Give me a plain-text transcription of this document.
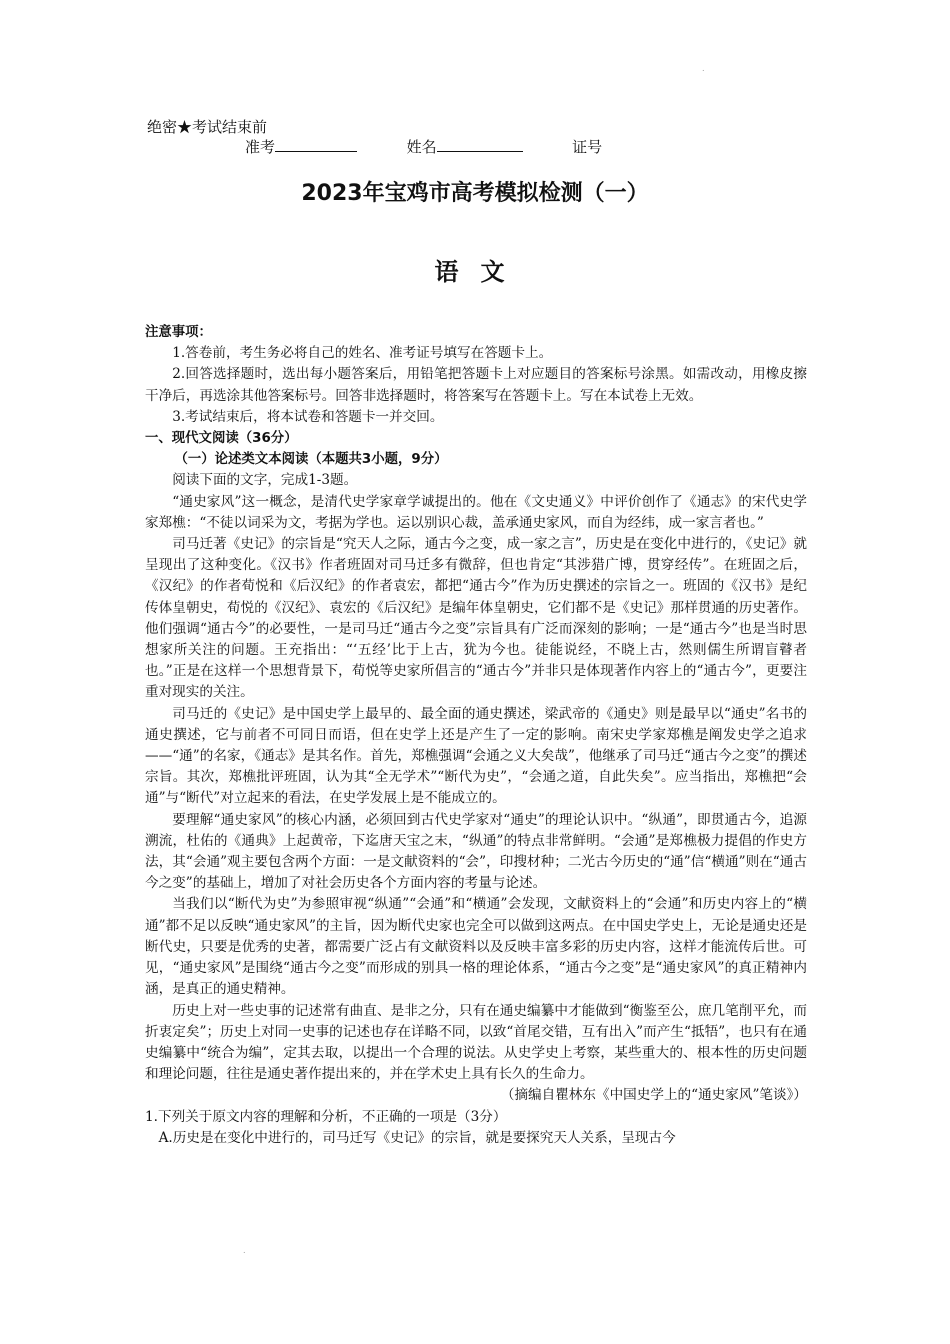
.
绝密★考试结束前
准考	姓名	证号
2023年宝鸡市高考模拟检测（一）
语文

注意事项：

1.答卷前，考生务必将自己的姓名、准考证号填写在答题卡上。

2.回答选择题时，选出每小题答案后，用铅笔把答题卡上对应题目的答案标号涂黑。如需改动，用橡皮擦干净后，再选涂其他答案标号。回答非选择题时，将答案写在答题卡上。写在本试卷上无效。

3.考试结束后，将本试卷和答题卡一并交回。

一、现代文阅读（36分）

（一）论述类文本阅读（本题共3小题，9分）

阅读下面的文字，完成1-3题。

“通史家风”这一概念，是清代史学家章学诚提出的。他在《文史通义》中评价创作了《通志》的宋代史学家郑樵：“不徒以词采为文，考据为学也。运以别识心裁，盖承通史家风，而自为经纬，成一家言者也。”

司马迁著《史记》的宗旨是“究天人之际，通古今之变，成一家之言”，历史是在变化中进行的，《史记》就呈现出了这种变化。《汉书》作者班固对司马迁多有微辞，但也肯定“其涉猎广博，贯穿经传”。在班固之后，《汉纪》的作者荀悦和《后汉纪》的作者袁宏，都把“通古今”作为历史撰述的宗旨之一。班固的《汉书》是纪传体皇朝史，荀悦的《汉纪》、袁宏的《后汉纪》是编年体皇朝史，它们都不是《史记》那样贯通的历史著作。他们强调“通古今”的必要性，一是司马迁“通古今之变”宗旨具有广泛而深刻的影响；一是“通古今”也是当时思想家所关注的问题。王充指出：“‘五经’比于上古，犹为今也。徒能说经，不晓上古，然则儒生所谓盲瞽者也。”正是在这样一个思想背景下，荀悦等史家所倡言的“通古今”并非只是体现著作内容上的“通古今”，更要注重对现实的关注。

司马迁的《史记》是中国史学上最早的、最全面的通史撰述，梁武帝的《通史》则是最早以“通史”名书的通史撰述，它与前者不可同日而语，但在史学上还是产生了一定的影响。南宋史学家郑樵是阐发史学之追求——“通”的名家，《通志》是其名作。首先，郑樵强调“会通之义大矣哉”，他继承了司马迁“通古今之变”的撰述宗旨。其次，郑樵批评班固，认为其“全无学术”“断代为史”，“会通之道，自此失矣”。应当指出，郑樵把“会通”与“断代”对立起来的看法，在史学发展上是不能成立的。

要理解“通史家风”的核心内涵，必须回到古代史学家对“通史”的理论认识中。“纵通”，即贯通古今，追源溯流，杜佑的《通典》上起黄帝，下迄唐天宝之末，“纵通”的特点非常鲜明。“会通”是郑樵极力提倡的作史方法，其“会通”观主要包含两个方面：一是文献资料的“会”，印搜材种；二光古今历史的“通”信“横通”则在“通古今之变”的基础上，增加了对社会历史各个方面内容的考量与论述。

当我们以“断代为史”为参照审视“纵通”“会通”和“横通”会发现，文献资料上的“会通”和历史内容上的“横通”都不足以反映“通史家风”的主旨，因为断代史家也完全可以做到这两点。在中国史学史上，无论是通史还是断代史，只要是优秀的史著，都需要广泛占有文献资料以及反映丰富多彩的历史内容，这样才能流传后世。可见，“通史家风”是围绕“通古今之变”而形成的别具一格的理论体系，“通古今之变”是“通史家风”的真正精神内涵，是真正的通史精神。

历史上对一些史事的记述常有曲直、是非之分，只有在通史编纂中才能做到“衡鉴至公，庶几笔削平允，而折衷定矣”；历史上对同一史事的记述也存在详略不同，以致“首尾交错，互有出入”而产生“抵牾”，也只有在通史编纂中“统合为编”，定其去取，以提出一个合理的说法。从史学史上考察，某些重大的、根本性的历史问题和理论问题，往往是通史著作提出来的，并在学术史上具有长久的生命力。

（摘编自瞿林东《中国史学上的“通史家风”笔谈》）

1.下列关于原文内容的理解和分析，不正确的一项是（3分）

A.历史是在变化中进行的，司马迁写《史记》的宗旨，就是要探究天人关系，呈现古今

.
